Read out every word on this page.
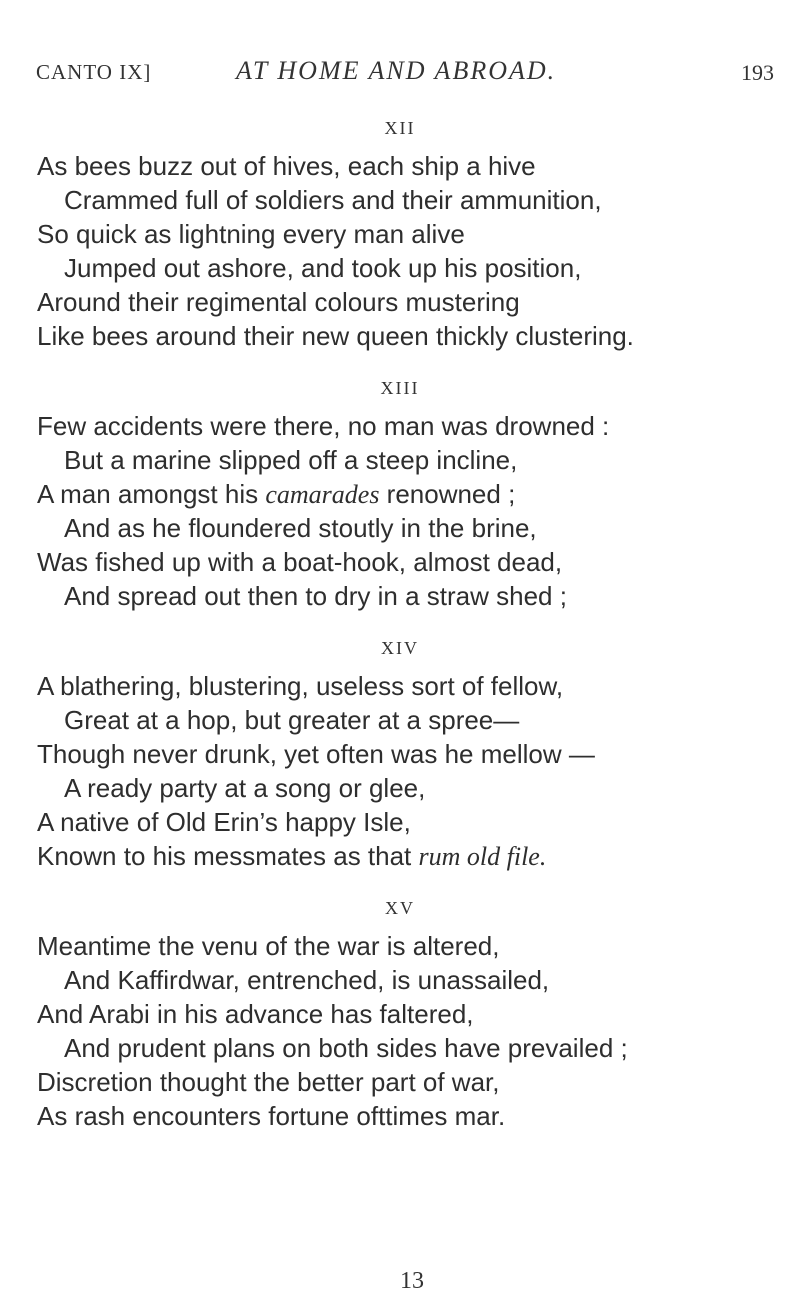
CANTO IX]	AT HOME AND ABROAD.	193
XII
As bees buzz out of hives, each ship a hive
Crammed full of soldiers and their ammunition,
So quick as lightning every man alive
Jumped out ashore, and took up his position,
Around their regimental colours mustering
Like bees around their new queen thickly clustering.
XIII
Few accidents were there, no man was drowned :
But a marine slipped off a steep incline,
A man amongst his camarades renowned ;
And as he floundered stoutly in the brine,
Was fished up with a boat-hook, almost dead,
And spread out then to dry in a straw shed ;
XIV
A blathering, blustering, useless sort of fellow,
Great at a hop, but greater at a spree—
Though never drunk, yet often was he mellow —
A ready party at a song or glee,
A native of Old Erin’s happy Isle,
Known to his messmates as that rum old file.
XV
Meantime the venu of the war is altered,
And Kaffirdwar, entrenched, is unassailed,
And Arabi in his advance has faltered,
And prudent plans on both sides have prevailed ;
Discretion thought the better part of war,
As rash encounters fortune ofttimes mar.
13
